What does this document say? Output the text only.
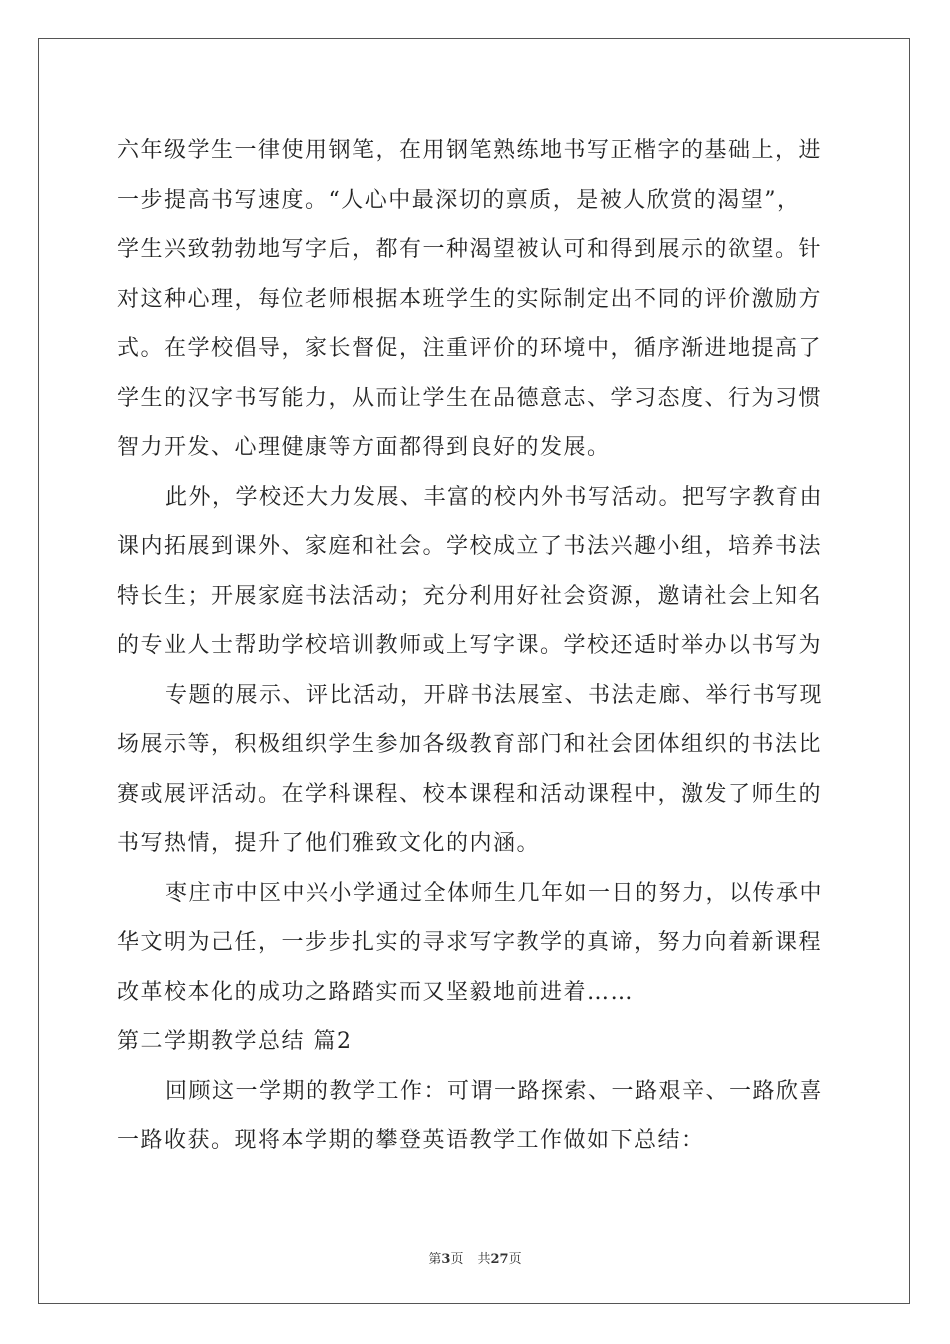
六年级学生一律使用钢笔，在用钢笔熟练地书写正楷字的基础上，进
一步提高书写速度。“人心中最深切的禀质，是被人欣赏的渴望”，
学生兴致勃勃地写字后，都有一种渴望被认可和得到展示的欲望。针
对这种心理，每位老师根据本班学生的实际制定出不同的评价激励方
式。在学校倡导，家长督促，注重评价的环境中，循序渐进地提高了
学生的汉字书写能力，从而让学生在品德意志、学习态度、行为习惯
智力开发、心理健康等方面都得到良好的发展。
此外，学校还大力发展、丰富的校内外书写活动。把写字教育由
课内拓展到课外、家庭和社会。学校成立了书法兴趣小组，培养书法
特长生；开展家庭书法活动；充分利用好社会资源，邀请社会上知名
的专业人士帮助学校培训教师或上写字课。学校还适时举办以书写为
专题的展示、评比活动，开辟书法展室、书法走廊、举行书写现
场展示等，积极组织学生参加各级教育部门和社会团体组织的书法比
赛或展评活动。在学科课程、校本课程和活动课程中，激发了师生的
书写热情，提升了他们雅致文化的内涵。
枣庄市中区中兴小学通过全体师生几年如一日的努力，以传承中
华文明为己任，一步步扎实的寻求写字教学的真谛，努力向着新课程
改革校本化的成功之路踏实而又坚毅地前进着……
第二学期教学总结 篇2
回顾这一学期的教学工作：可谓一路探索、一路艰辛、一路欣喜
一路收获。现将本学期的攀登英语教学工作做如下总结：
第3页 共27页
